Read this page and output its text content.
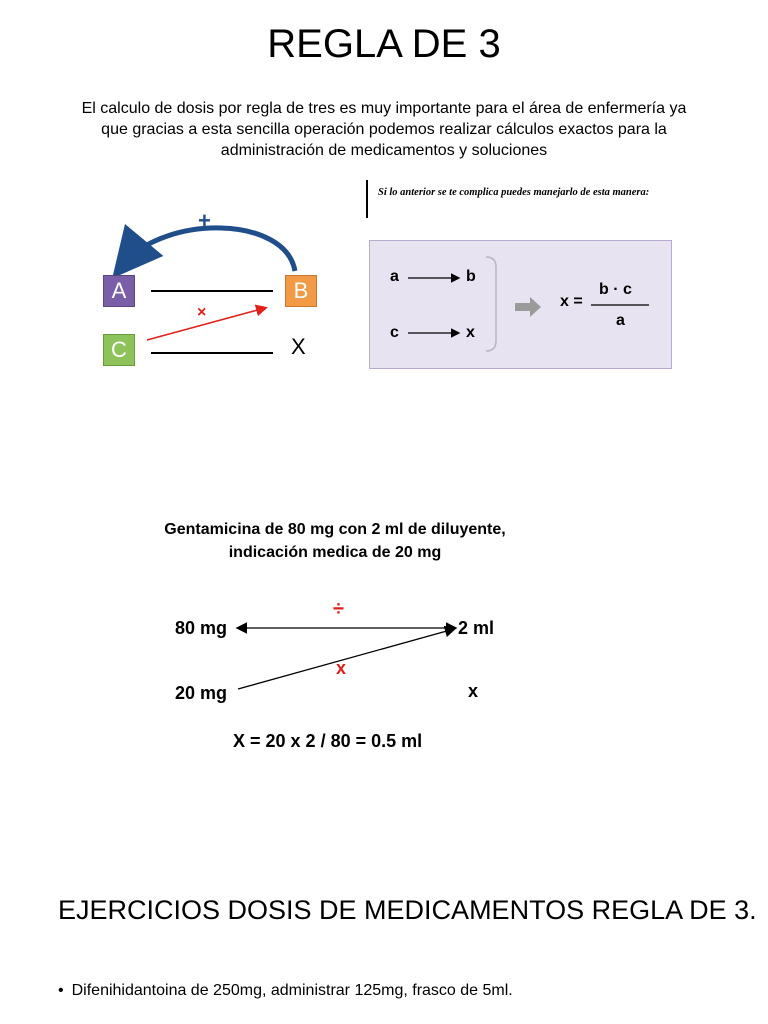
REGLA DE 3
El calculo de dosis por regla de tres es muy importante para el área de enfermería ya que gracias a esta sencilla operación podemos realizar cálculos exactos para la administración de medicamentos y soluciones
+
×
A	B
C	X
Si lo anterior se te complica puedes manejarlo de esta manera:
a	b
c	x
x =
b · c
a
Gentamicina de 80 mg con 2 ml de diluyente,
indicación medica de 20 mg
80 mg	2 ml
20 mg	x
÷
x
X = 20 x 2 / 80 = 0.5 ml
EJERCICIOS DOSIS DE MEDICAMENTOS REGLA DE 3.
• Difenihidantoina de 250mg, administrar 125mg, frasco de 5ml.
